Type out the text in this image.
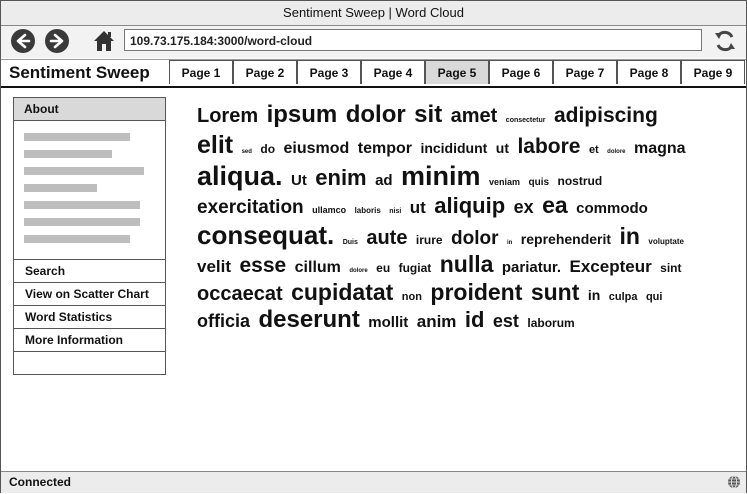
Sentiment Sweep | Word Cloud
109.73.175.184:3000/word-cloud
Sentiment Sweep	Page 1	Page 2	Page 3	Page 4	Page 5	Page 6	Page 7	Page 8	Page 9
About
Search
View on Scatter Chart
Word Statistics
More Information
Lorem ipsum dolor sit amet consectetur adipiscing elit sed do eiusmod tempor incididunt ut labore et dolore magna aliqua. Ut enim ad minim veniam quis nostrud exercitation ullamco laboris nisi ut aliquip ex ea commodo consequat. Duis aute irure dolor in reprehenderit in voluptate velit esse cillum dolore eu fugiat nulla pariatur. Excepteur sint occaecat cupidatat non proident sunt in culpa qui officia deserunt mollit anim id est laborum
Connected
